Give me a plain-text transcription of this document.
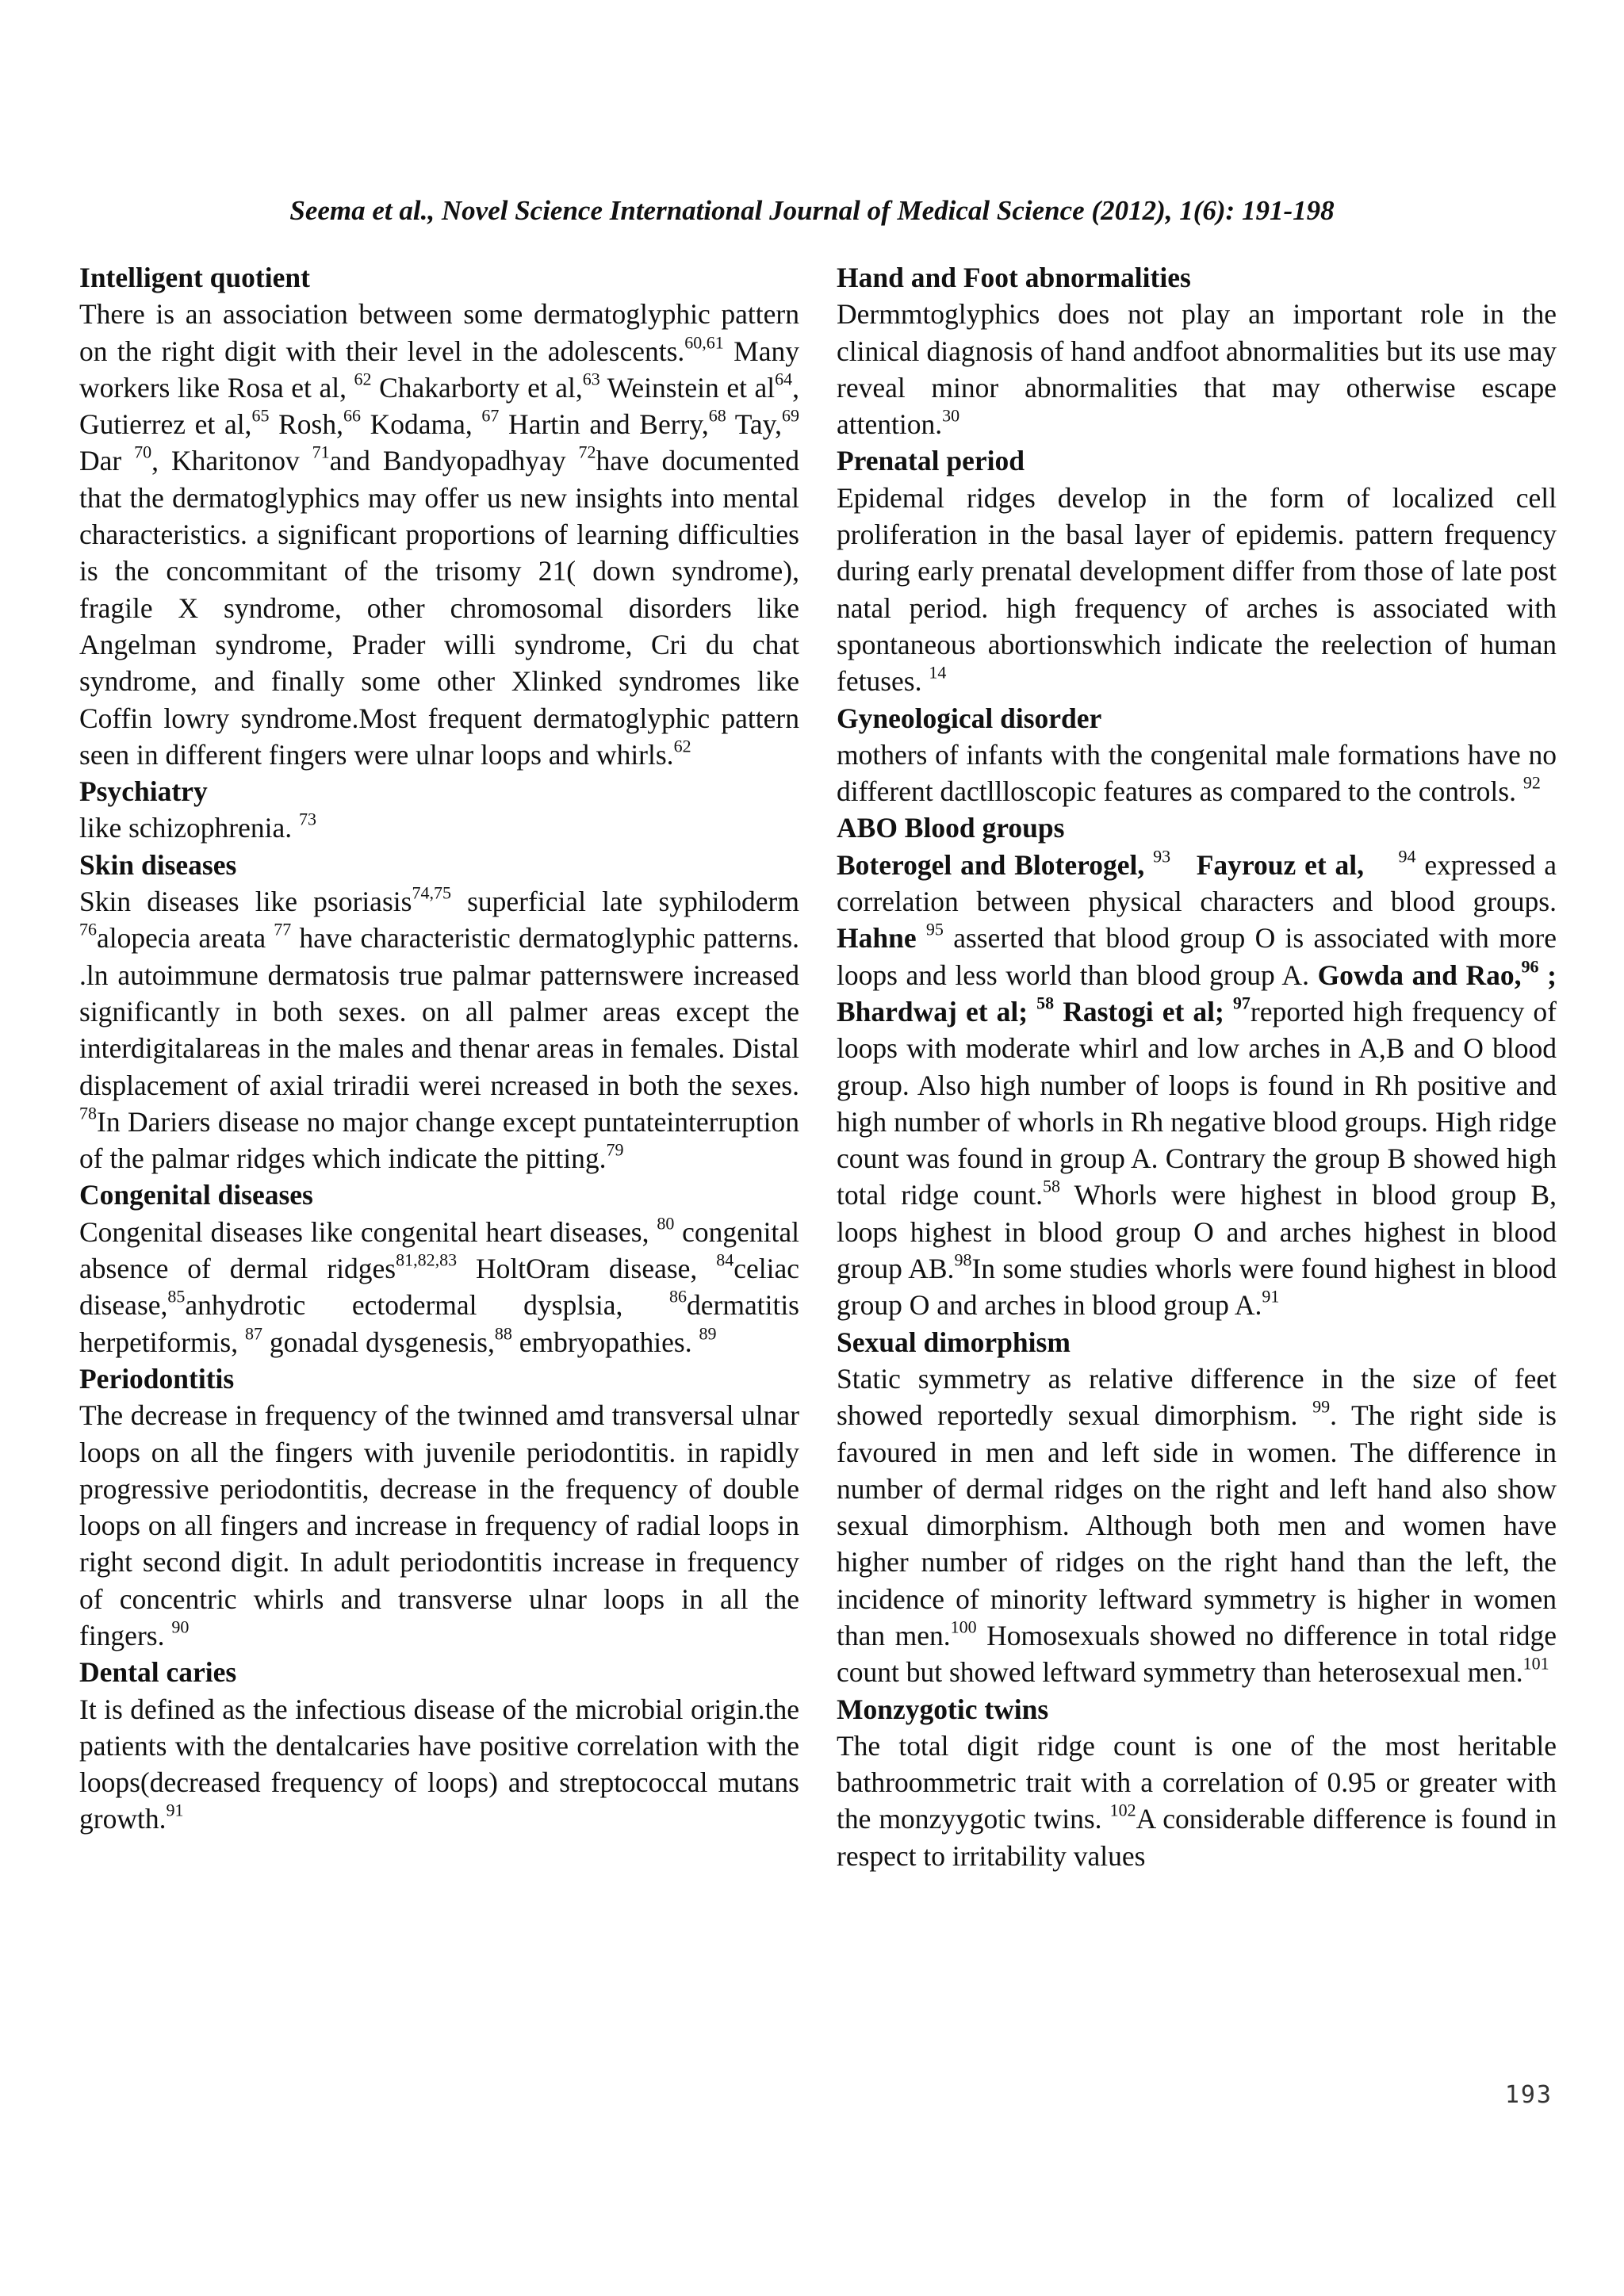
Seema et al., Novel Science International Journal of Medical Science (2012), 1(6): 191-198
Intelligent quotient

There is an association between some dermatoglyphic pattern on the right digit with their level in the adolescents.$^{60,61}$ Many workers like Rosa et al, $^{62}$ Chakarborty et al,$^{63}$ Weinstein et $al^{64}$, Gutierrez et al,$^{65}$ Rosh,$^{66}$ Kodama, $^{67}$ Hartin and Berry,$^{68}$ Tay,$^{69}$ Dar $^{70}$, Kharitonov $^{71}$and Bandyopadhyay $^{72}$have documented that the dermatoglyphics may offer us new insights into mental characteristics. a significant proportions of learning difficulties is the concommitant of the trisomy 21( down syndrome), fragile X syndrome, other chromosomal disorders like Angelman syndrome, Prader willi syndrome, Cri du chat syndrome, and finally some other Xlinked syndromes like Coffin lowry syndrome.Most frequent dermatoglyphic pattern seen in different fingers were ulnar loops and whirls.$^{62}$

Psychiatry

like schizophrenia. $^{73}$

Skin diseases

Skin diseases like psoriasis$^{74,75}$ superficial late syphiloderm $^{76}$alopecia areata $^{77}$ have characteristic dermatoglyphic patterns. .ln autoimmune dermatosis true palmar patternswere increased significantly in both sexes. on all palmer areas except the interdigitalareas in the males and thenar areas in females. Distal displacement of axial triradii werei ncreased in both the sexes. $^{78}$In Dariers disease no major change except puntateinterruption of the palmar ridges which indicate the pitting.$^{79}$

Congenital diseases

Congenital diseases like congenital heart diseases, $^{80}$ congenital absence of dermal ridges$^{81,82,83}$ HoltOram disease, $^{84}$celiac disease,$^{85}$anhydrotic ectodermal dysplsia, $^{86}$dermatitis herpetiformis, $^{87}$ gonadal dysgenesis,$^{88}$ embryopathies. $^{89}$

Periodontitis

The decrease in frequency of the twinned amd transversal ulnar loops on all the fingers with juvenile periodontitis. in rapidly progressive periodontitis, decrease in the frequency of double loops on all fingers and increase in frequency of radial loops in right second digit. In adult periodontitis increase in frequency of concentric whirls and transverse ulnar loops in all the fingers. $^{90}$

Dental caries

It is defined as the infectious disease of the microbial origin.the patients with the dentalcaries have positive correlation with the loops(decreased frequency of loops) and streptococcal mutans growth.$^{91}$

Hand and Foot abnormalities

Dermmtoglyphics does not play an important role in the clinical diagnosis of hand andfoot abnormalities but its use may reveal minor abnormalities that may otherwise escape attention.$^{30}$

Prenatal period

Epidemal ridges develop in the form of localized cell proliferation in the basal layer of epidemis. pattern frequency during early prenatal development differ from those of late post natal period. high frequency of arches is associated with spontaneous abortionswhich indicate the reelection of human fetuses. $^{14}$

Gyneological disorder

mothers of infants with the congenital male formations have no different dactllloscopic features as compared to the controls. $^{92}$

ABO Blood groups

Boterogel and Bloterogel, $^{93}$ Fayrouz et al, $^{94}$ expressed a correlation between physical characters and blood groups. Hahne $^{95}$ asserted that blood group O is associated with more loops and less world than blood group A. Gowda and Rao,$^{96}$ ; Bhardwaj et al; $^{58}$ Rastogi et al; $^{97}$reported high frequency of loops with moderate whirl and low arches in A,B and O blood group. Also high number of loops is found in Rh positive and high number of whorls in Rh negative blood groups. High ridge count was found in group A. Contrary the group B showed high total ridge count.$^{58}$ Whorls were highest in blood group B, loops highest in blood group O and arches highest in blood group AB.$^{98}$In some studies whorls were found highest in blood group O and arches in blood group A.$^{91}$

Sexual dimorphism

Static symmetry as relative difference in the size of feet showed reportedly sexual dimorphism. $^{99}$. The right side is favoured in men and left side in women. The difference in number of dermal ridges on the right and left hand also show sexual dimorphism. Although both men and women have higher number of ridges on the right hand than the left, the incidence of minority leftward symmetry is higher in women than men.$^{100}$ Homosexuals showed no difference in total ridge count but showed leftward symmetry than heterosexual men.$^{101}$

Monzygotic twins

The total digit ridge count is one of the most heritable bathroommetric trait with a correlation of 0.95 or greater with the monzyygotic twins. $^{102}$A considerable difference is found in respect to irritability values

193
